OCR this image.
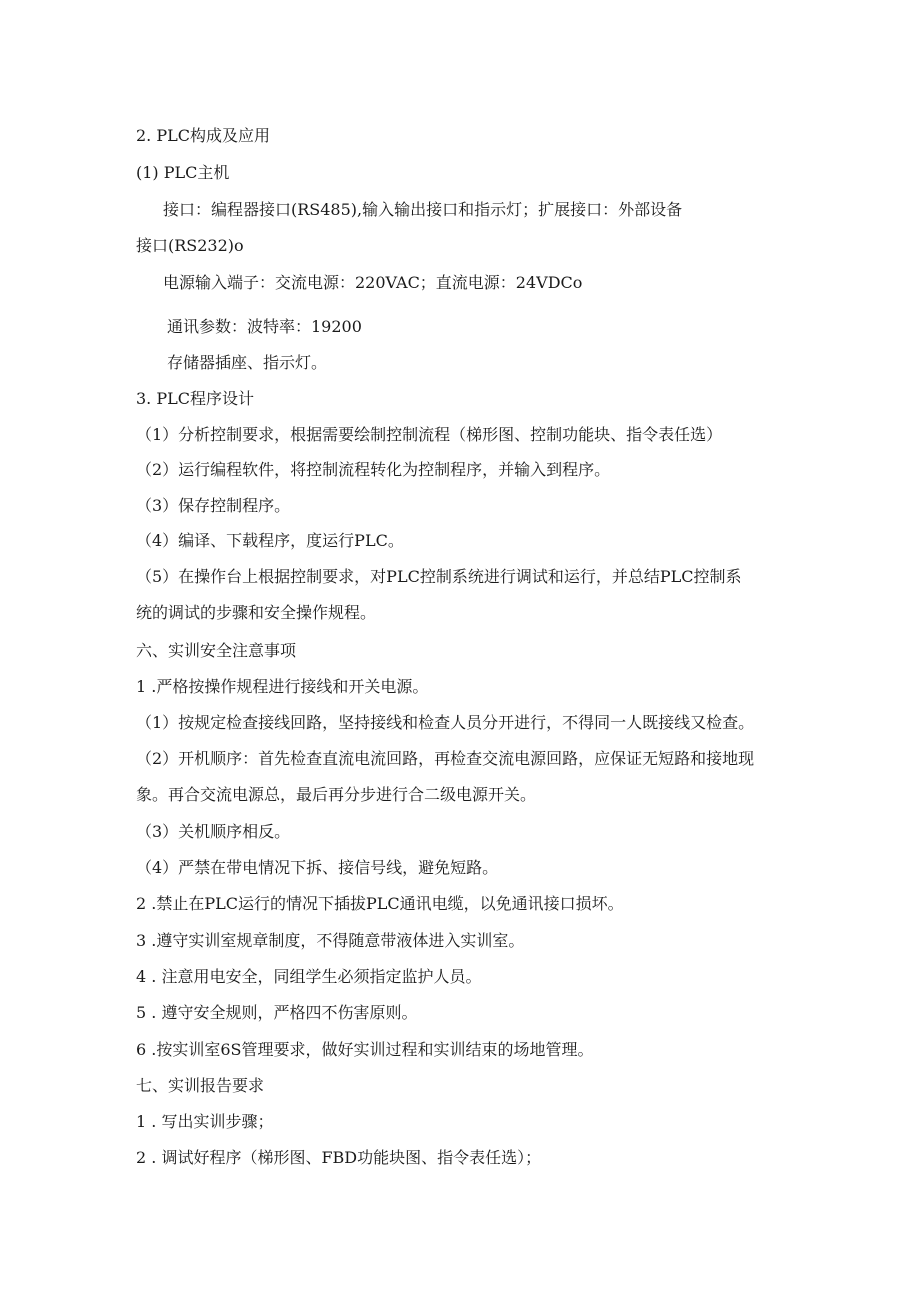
2. PLC构成及应用
(1) PLC主机
接口：编程器接口(RS485),输入输出接口和指示灯；扩展接口：外部设备
接口(RS232)o
电源输入端子：交流电源：220VAC；直流电源：24VDCo
通讯参数：波特率：19200
存储器插座、指示灯。
3. PLC程序设计
（1）分析控制要求，根据需要绘制控制流程（梯形图、控制功能块、指令表任选）
（2）运行编程软件，将控制流程转化为控制程序，并输入到程序。
（3）保存控制程序。
（4）编译、下载程序，度运行PLC。
（5）在操作台上根据控制要求，对PLC控制系统进行调试和运行，并总结PLC控制系
统的调试的步骤和安全操作规程。
六、实训安全注意事项
1 .严格按操作规程进行接线和开关电源。
（1）按规定检查接线回路，坚持接线和检查人员分开进行，不得同一人既接线又检查。
（2）开机顺序：首先检查直流电流回路，再检查交流电源回路，应保证无短路和接地现
象。再合交流电源总，最后再分步进行合二级电源开关。
（3）关机顺序相反。
（4）严禁在带电情况下拆、接信号线，避免短路。
2 .禁止在PLC运行的情况下插拔PLC通讯电缆，以免通讯接口损坏。
3 .遵守实训室规章制度，不得随意带液体进入实训室。
4 . 注意用电安全，同组学生必须指定监护人员。
5 . 遵守安全规则，严格四不伤害原则。
6 .按实训室6S管理要求，做好实训过程和实训结束的场地管理。
七、实训报告要求
1 . 写出实训步骤；
2 . 调试好程序（梯形图、FBD功能块图、指令表任选）；
